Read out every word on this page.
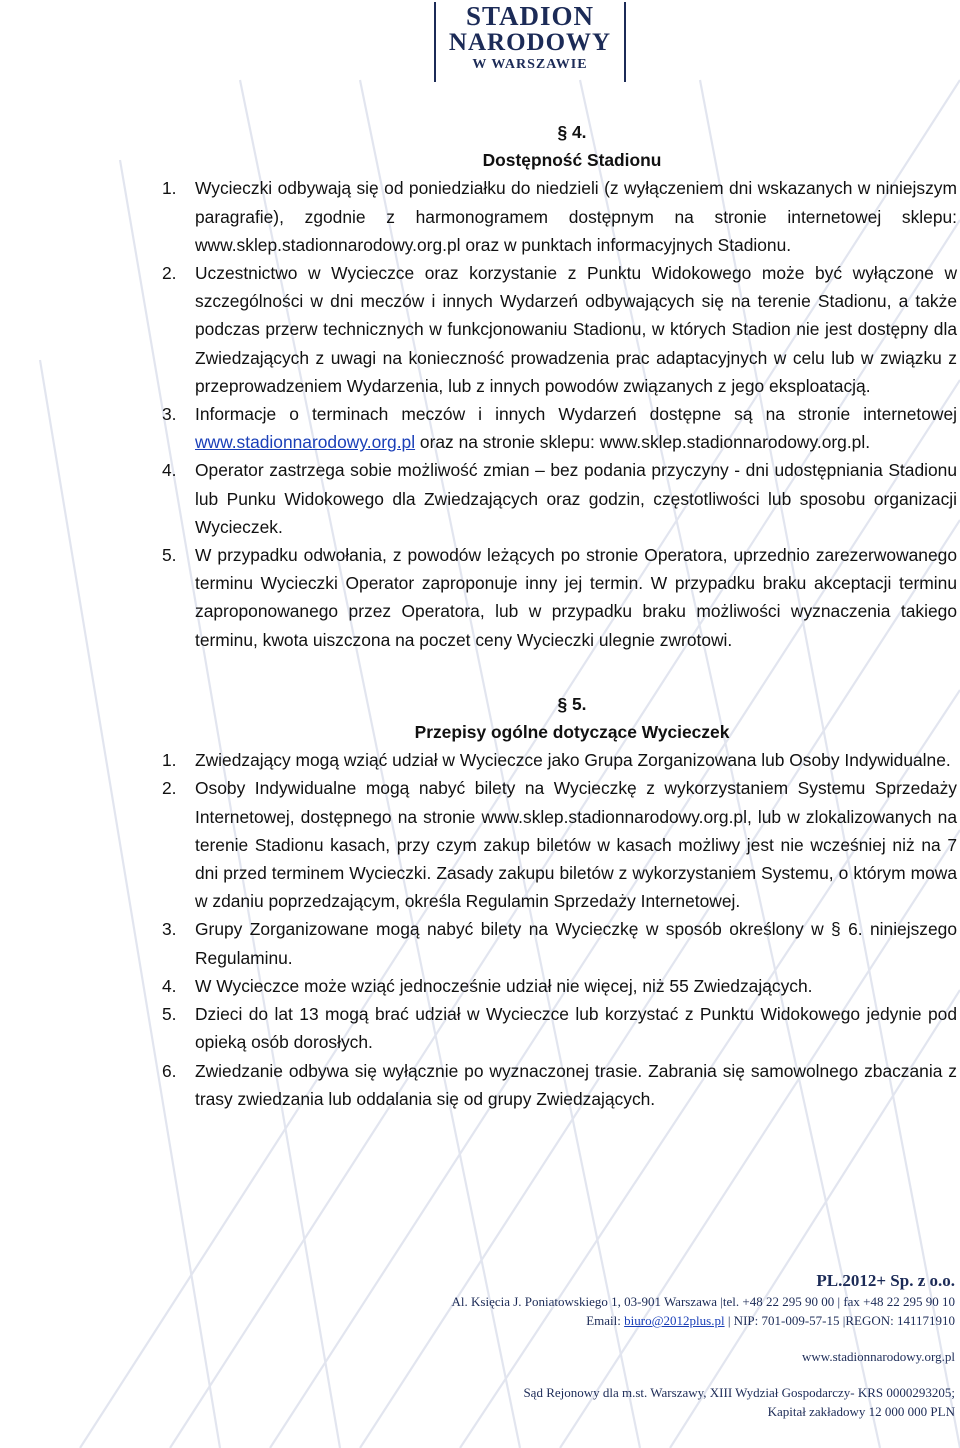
STADION
NARODOWY
W WARSZAWIE
§ 4.
Dostępność Stadionu
1. Wycieczki odbywają się od poniedziałku do niedzieli (z wyłączeniem dni wskazanych w niniejszym paragrafie), zgodnie z harmonogramem dostępnym na stronie internetowej sklepu: www.sklep.stadionnarodowy.org.pl oraz w punktach informacyjnych Stadionu.
2. Uczestnictwo w Wycieczce oraz korzystanie z Punktu Widokowego może być wyłączone w szczególności w dni meczów i innych Wydarzeń odbywających się na terenie Stadionu, a także podczas przerw technicznych w funkcjonowaniu Stadionu, w których Stadion nie jest dostępny dla Zwiedzających z uwagi na konieczność prowadzenia prac adaptacyjnych w celu lub w związku z przeprowadzeniem Wydarzenia, lub z innych powodów związanych z jego eksploatacją.
3. Informacje o terminach meczów i innych Wydarzeń dostępne są na stronie internetowej www.stadionnarodowy.org.pl oraz na stronie sklepu: www.sklep.stadionnarodowy.org.pl.
4. Operator zastrzega sobie możliwość zmian – bez podania przyczyny - dni udostępniania Stadionu lub Punku Widokowego dla Zwiedzających oraz godzin, częstotliwości lub sposobu organizacji Wycieczek.
5. W przypadku odwołania, z powodów leżących po stronie Operatora, uprzednio zarezerwowanego terminu Wycieczki Operator zaproponuje inny jej termin. W przypadku braku akceptacji terminu zaproponowanego przez Operatora, lub w przypadku braku możliwości wyznaczenia takiego terminu, kwota uiszczona na poczet ceny Wycieczki ulegnie zwrotowi.
§ 5.
Przepisy ogólne dotyczące Wycieczek
1. Zwiedzający mogą wziąć udział w Wycieczce jako Grupa Zorganizowana lub Osoby Indywidualne.
2. Osoby Indywidualne mogą nabyć bilety na Wycieczkę z wykorzystaniem Systemu Sprzedaży Internetowej, dostępnego na stronie www.sklep.stadionnarodowy.org.pl, lub w zlokalizowanych na terenie Stadionu kasach, przy czym zakup biletów w kasach możliwy jest nie wcześniej niż na 7 dni przed terminem Wycieczki. Zasady zakupu biletów z wykorzystaniem Systemu, o którym mowa w zdaniu poprzedzającym, określa Regulamin Sprzedaży Internetowej.
3. Grupy Zorganizowane mogą nabyć bilety na Wycieczkę w sposób określony w § 6. niniejszego Regulaminu.
4. W Wycieczce może wziąć jednocześnie udział nie więcej, niż 55 Zwiedzających.
5. Dzieci do lat 13 mogą brać udział w Wycieczce lub korzystać z Punktu Widokowego jedynie pod opieką osób dorosłych.
6. Zwiedzanie odbywa się wyłącznie po wyznaczonej trasie. Zabrania się samowolnego zbaczania z trasy zwiedzania lub oddalania się od grupy Zwiedzających.
PL.2012+ Sp. z o.o.
Al. Księcia J. Poniatowskiego 1, 03-901 Warszawa |tel. +48 22 295 90 00 | fax +48 22 295 90 10
Email: biuro@2012plus.pl | NIP: 701-009-57-15 |REGON: 141171910
www.stadionnarodowy.org.pl
Sąd Rejonowy dla m.st. Warszawy, XIII Wydział Gospodarczy- KRS 0000293205;
Kapitał zakładowy 12 000 000 PLN
